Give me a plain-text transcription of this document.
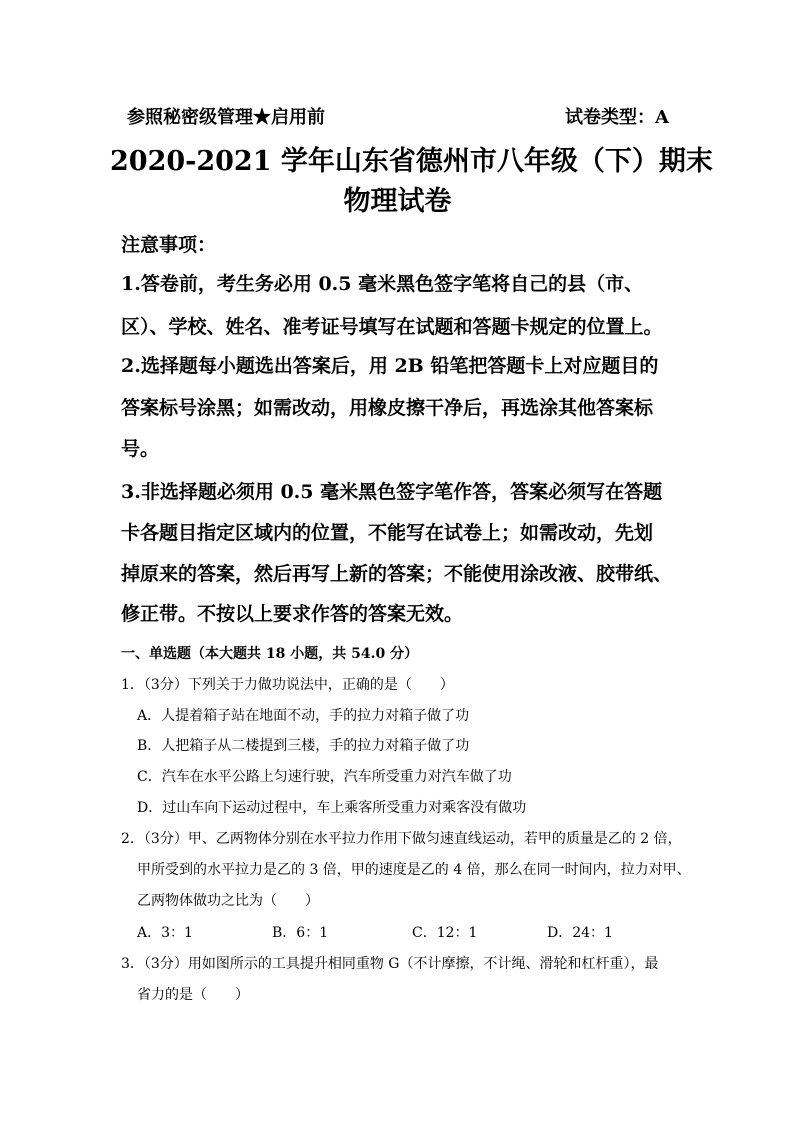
参照秘密级管理★启用前	试卷类型：A
2020-2021 学年山东省德州市八年级（下）期末
物理试卷
注意事项：
1.答卷前，考生务必用 0.5 毫米黑色签字笔将自己的县（市、
区）、学校、姓名、准考证号填写在试题和答题卡规定的位置上。
2.选择题每小题选出答案后，用 2B 铅笔把答题卡上对应题目的
答案标号涂黑；如需改动，用橡皮擦干净后，再选涂其他答案标
号。
3.非选择题必须用 0.5 毫米黑色签字笔作答，答案必须写在答题
卡各题目指定区域内的位置，不能写在试卷上；如需改动，先划
掉原来的答案，然后再写上新的答案；不能使用涂改液、胶带纸、
修正带。不按以上要求作答的答案无效。
一、单选题（本大题共 18 小题，共 54.0 分）
1．（3分）下列关于力做功说法中，正确的是（　　）
A．人提着箱子站在地面不动，手的拉力对箱子做了功
B．人把箱子从二楼提到三楼，手的拉力对箱子做了功
C．汽车在水平公路上匀速行驶，汽车所受重力对汽车做了功
D．过山车向下运动过程中，车上乘客所受重力对乘客没有做功
2．（3分）甲、乙两物体分别在水平拉力作用下做匀速直线运动，若甲的质量是乙的 2 倍，
甲所受到的水平拉力是乙的 3 倍，甲的速度是乙的 4 倍，那么在同一时间内，拉力对甲、
乙两物体做功之比为（　　）
A．3：1	B．6：1	C．12：1	D．24：1
3．（3分）用如图所示的工具提升相同重物 G（不计摩擦，不计绳、滑轮和杠杆重），最
省力的是（　　）
